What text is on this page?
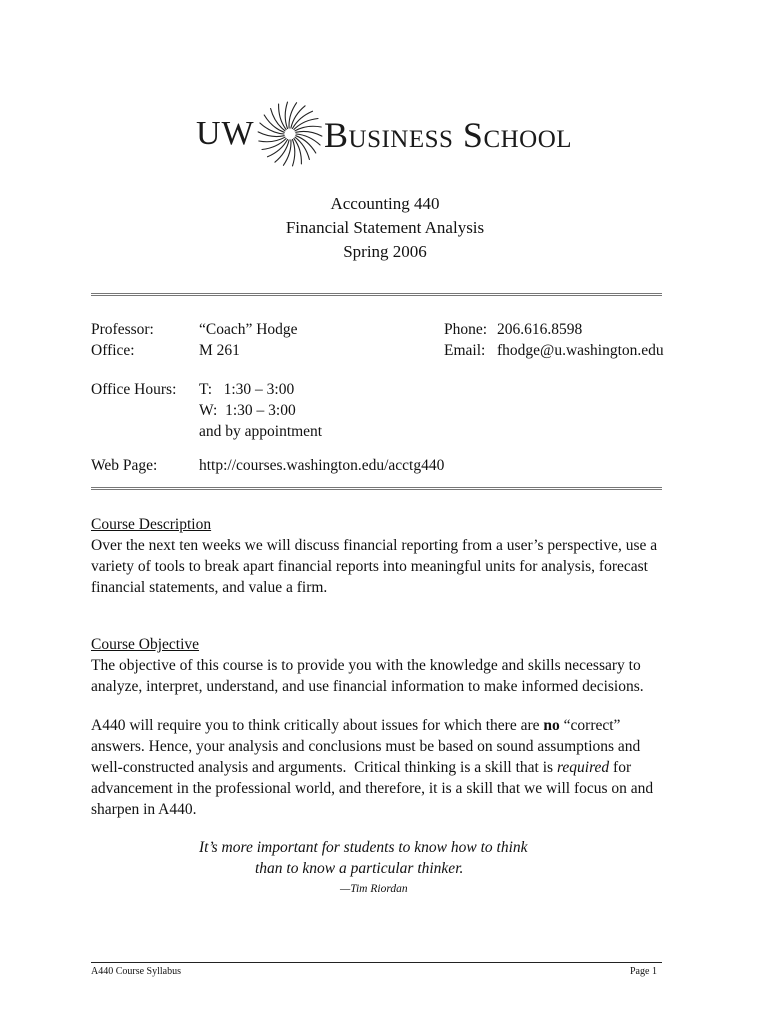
UW Business School
Accounting 440
Financial Statement Analysis
Spring 2006
Professor:	“Coach” Hodge	Phone: 206.616.8598
Office:	M 261	Email: fhodge@u.washington.edu
Office Hours: T:   1:30 – 3:00
W:  1:30 – 3:00
and by appointment
Web Page:	http://courses.washington.edu/acctg440
Course Description
Over the next ten weeks we will discuss financial reporting from a user’s perspective, use a
variety of tools to break apart financial reports into meaningful units for analysis, forecast
financial statements, and value a firm.
Course Objective
The objective of this course is to provide you with the knowledge and skills necessary to
analyze, interpret, understand, and use financial information to make informed decisions.
A440 will require you to think critically about issues for which there are no “correct”
answers. Hence, your analysis and conclusions must be based on sound assumptions and
well-constructed analysis and arguments.  Critical thinking is a skill that is required for
advancement in the professional world, and therefore, it is a skill that we will focus on and
sharpen in A440.
It’s more important for students to know how to think
than to know a particular thinker.
—Tim Riordan
A440 Course Syllabus	Page 1
